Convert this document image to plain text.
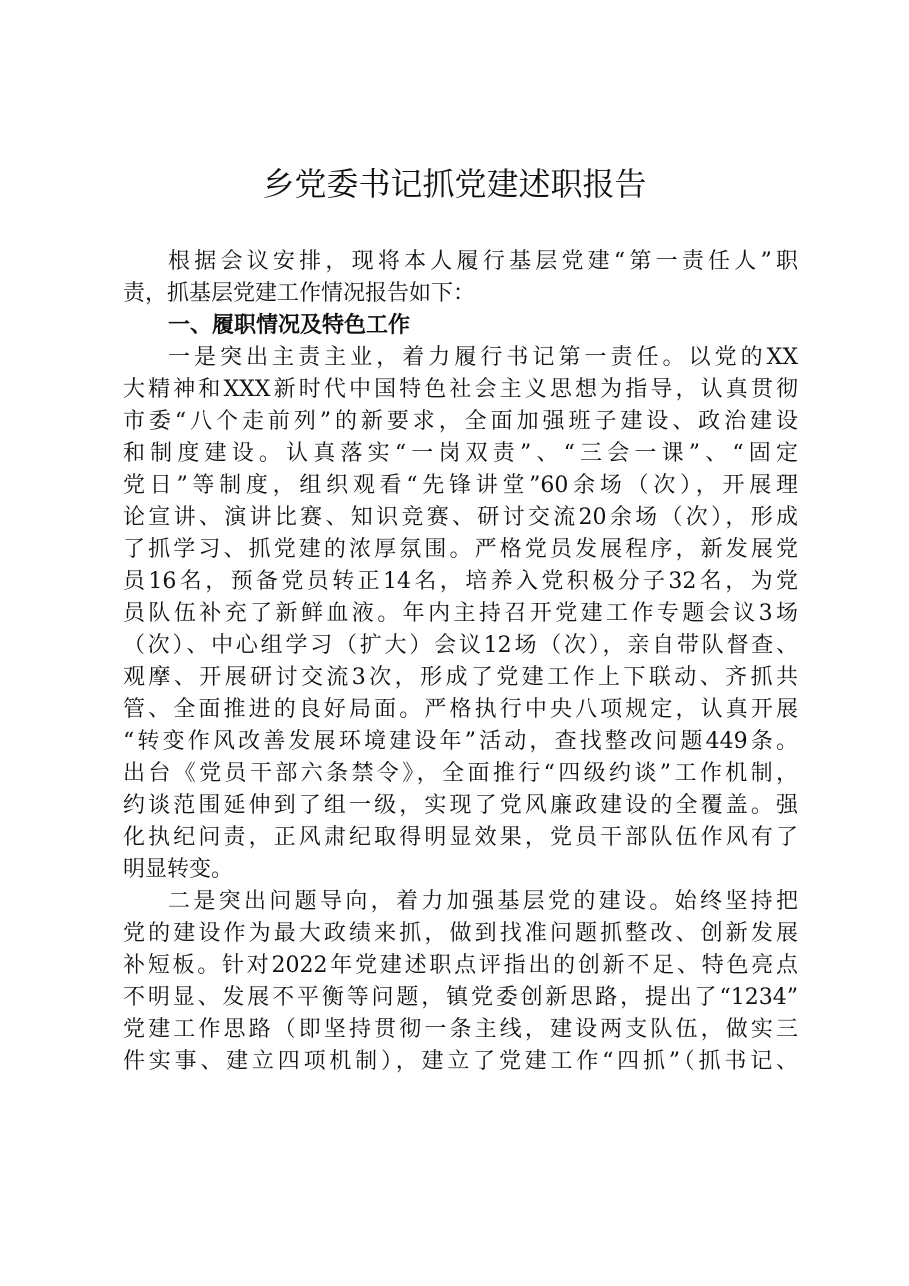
乡党委书记抓党建述职报告
根据会议安排，现将本人履行基层党建“第一责任人”职
责，抓基层党建工作情况报告如下：
一、履职情况及特色工作
一是突出主责主业，着力履行书记第一责任。以党的XX
大精神和XXX新时代中国特色社会主义思想为指导，认真贯彻
市委“八个走前列”的新要求，全面加强班子建设、政治建设
和制度建设。认真落实“一岗双责”、“三会一课”、“固定
党日”等制度，组织观看“先锋讲堂”60余场（次），开展理
论宣讲、演讲比赛、知识竞赛、研讨交流20余场（次），形成
了抓学习、抓党建的浓厚氛围。严格党员发展程序，新发展党
员16名，预备党员转正14名，培养入党积极分子32名，为党
员队伍补充了新鲜血液。年内主持召开党建工作专题会议3场
（次）、中心组学习（扩大）会议12场（次），亲自带队督查、
观摩、开展研讨交流3次，形成了党建工作上下联动、齐抓共
管、全面推进的良好局面。严格执行中央八项规定，认真开展
“转变作风改善发展环境建设年”活动，查找整改问题449条。
出台《党员干部六条禁令》，全面推行“四级约谈”工作机制，
约谈范围延伸到了组一级，实现了党风廉政建设的全覆盖。强
化执纪问责，正风肃纪取得明显效果，党员干部队伍作风有了
明显转变。
二是突出问题导向，着力加强基层党的建设。始终坚持把
党的建设作为最大政绩来抓，做到找准问题抓整改、创新发展
补短板。针对2022年党建述职点评指出的创新不足、特色亮点
不明显、发展不平衡等问题，镇党委创新思路，提出了“1234”
党建工作思路（即坚持贯彻一条主线，建设两支队伍，做实三
件实事、建立四项机制），建立了党建工作“四抓”（抓书记、
